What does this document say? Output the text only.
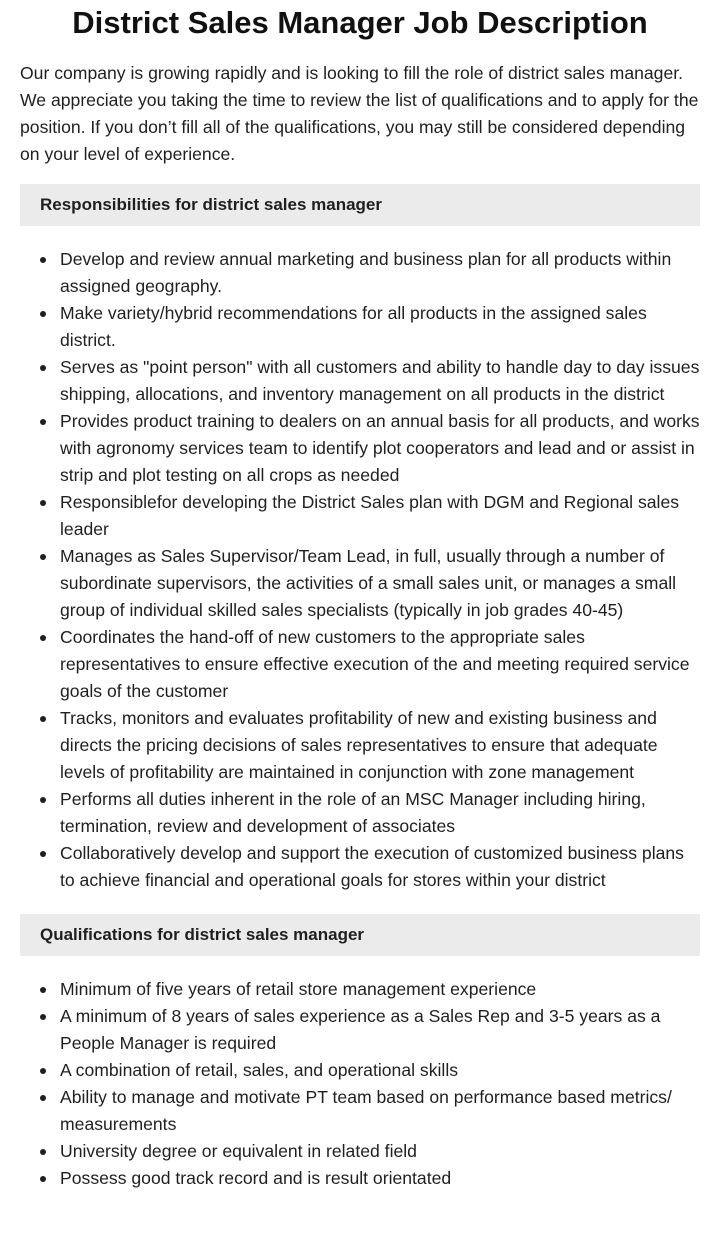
District Sales Manager Job Description

Our company is growing rapidly and is looking to fill the role of district sales manager. We appreciate you taking the time to review the list of qualifications and to apply for the position. If you don’t fill all of the qualifications, you may still be considered depending on your level of experience.

Responsibilities for district sales manager
Develop and review annual marketing and business plan for all products within assigned geography.
Make variety/hybrid recommendations for all products in the assigned sales district.
Serves as "point person" with all customers and ability to handle day to day issues shipping, allocations, and inventory management on all products in the district
Provides product training to dealers on an annual basis for all products, and works with agronomy services team to identify plot cooperators and lead and or assist in strip and plot testing on all crops as needed
Responsiblefor developing the District Sales plan with DGM and Regional sales leader
Manages as Sales Supervisor/Team Lead, in full, usually through a number of subordinate supervisors, the activities of a small sales unit, or manages a small group of individual skilled sales specialists (typically in job grades 40-45)
Coordinates the hand-off of new customers to the appropriate sales representatives to ensure effective execution of the and meeting required service goals of the customer
Tracks, monitors and evaluates profitability of new and existing business and directs the pricing decisions of sales representatives to ensure that adequate levels of profitability are maintained in conjunction with zone management
Performs all duties inherent in the role of an MSC Manager including hiring, termination, review and development of associates
Collaboratively develop and support the execution of customized business plans to achieve financial and operational goals for stores within your district
Qualifications for district sales manager
Minimum of five years of retail store management experience
A minimum of 8 years of sales experience as a Sales Rep and 3-5 years as a People Manager is required
A combination of retail, sales, and operational skills
Ability to manage and motivate PT team based on performance based metrics/ measurements
University degree or equivalent in related field
Possess good track record and is result orientated
